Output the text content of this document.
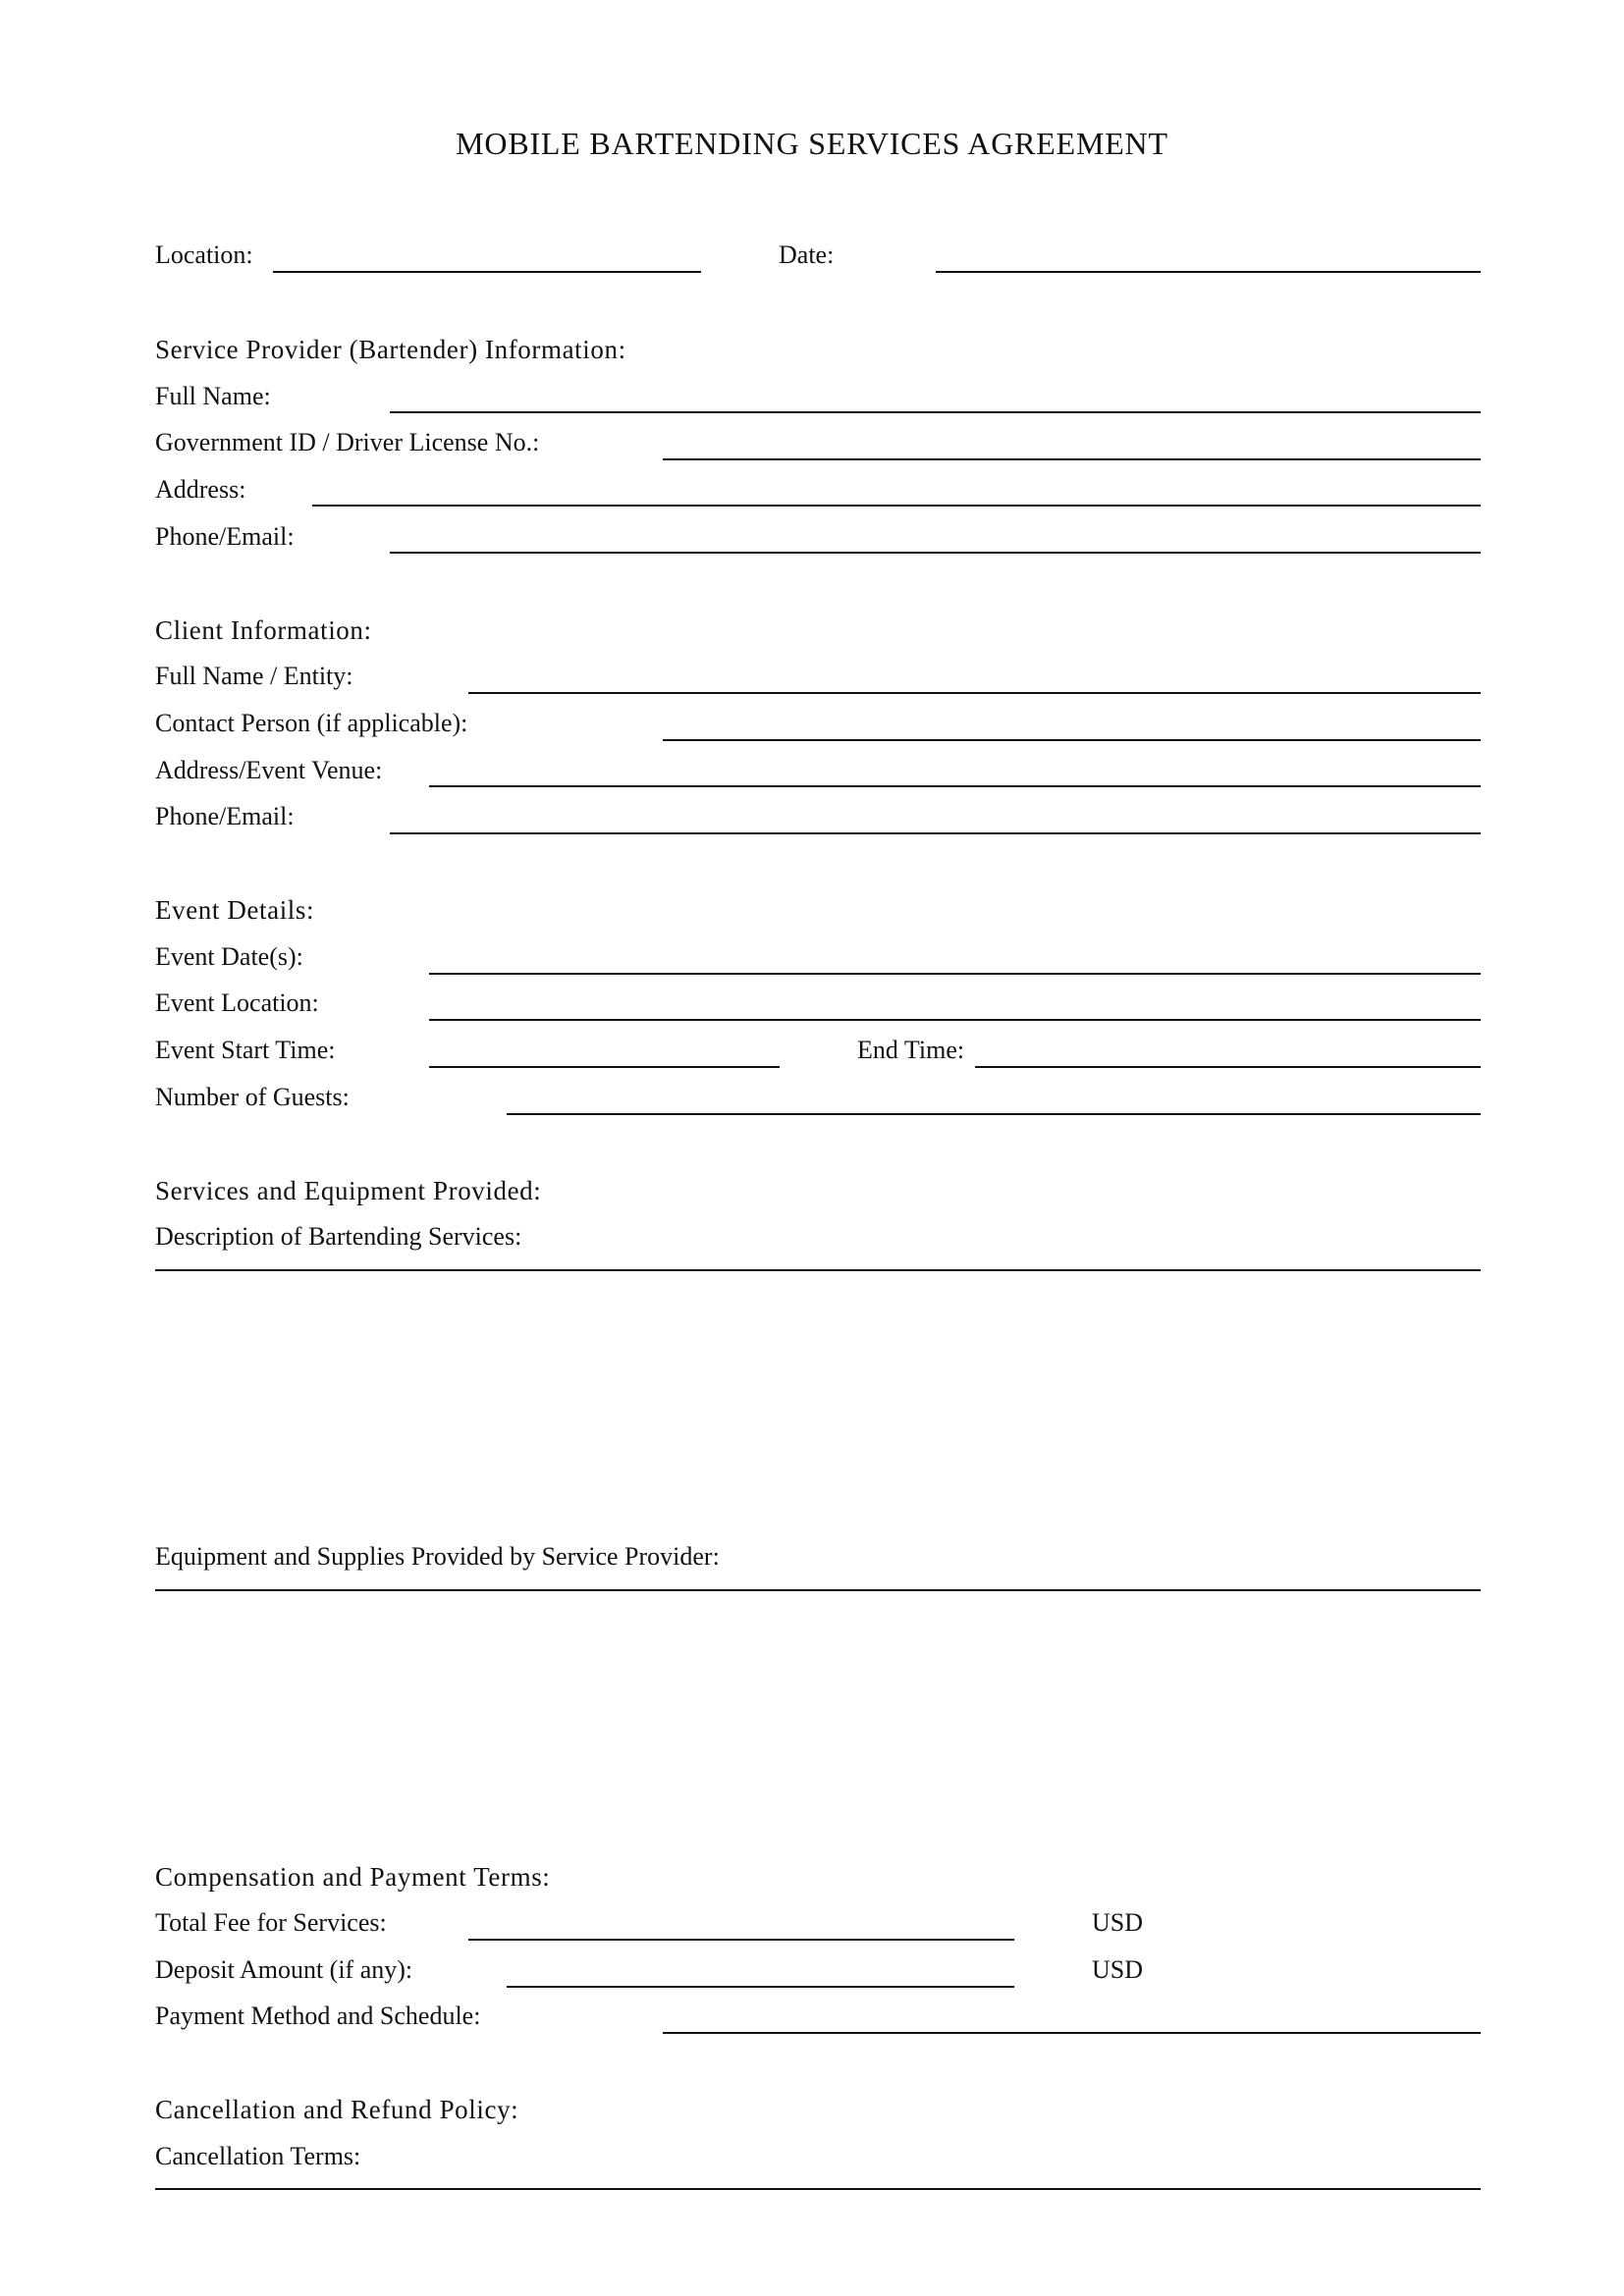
MOBILE BARTENDING SERVICES AGREEMENT
Location:	Date:
Service Provider (Bartender) Information:
Full Name:
Government ID / Driver License No.:
Address:
Phone/Email:
Client Information:
Full Name / Entity:
Contact Person (if applicable):
Address/Event Venue:
Phone/Email:
Event Details:
Event Date(s):
Event Location:
Event Start Time:	End Time:
Number of Guests:
Services and Equipment Provided:
Description of Bartending Services:
Equipment and Supplies Provided by Service Provider:
Compensation and Payment Terms:
Total Fee for Services:	USD
Deposit Amount (if any):	USD
Payment Method and Schedule:
Cancellation and Refund Policy:
Cancellation Terms:
